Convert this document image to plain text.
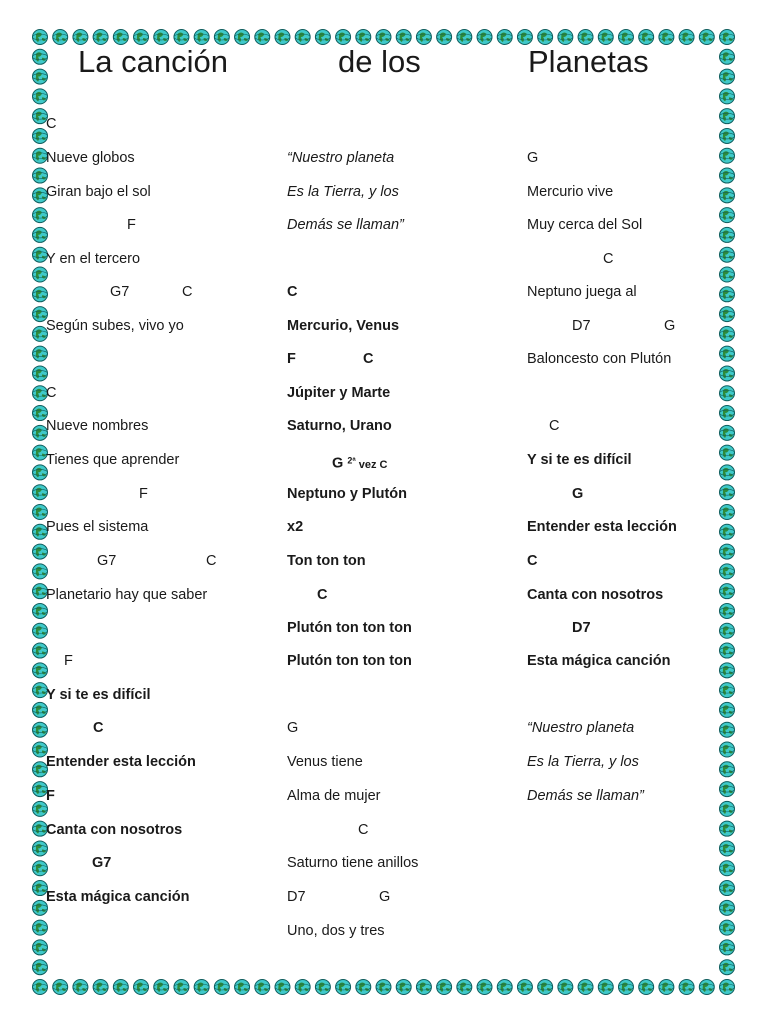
La canción	de los	Planetas
C
Nueve globos
Giran bajo el sol
F
Y en el tercero
G7	C
Según subes, vivo yo
C
Nueve nombres
Tienes que aprender
F
Pues el sistema
G7	C
Planetario hay que saber
F
Y si te es difícil
C
Entender esta lección
F
Canta con nosotros
G7
Esta mágica canción
G $^{2ª}$ vez C
“Nuestro planeta
Es la Tierra, y los
Demás se llaman”
C
Mercurio, Venus
F	C
Júpiter y Marte
Saturno, Urano
Neptuno y Plutón
x2
Ton ton ton
C
Plutón ton ton ton
Plutón ton ton ton
G
Venus tiene
Alma de mujer
C
Saturno tiene anillos
D7	G
Uno, dos y tres
G
Mercurio vive
Muy cerca del Sol
C
Neptuno juega al
D7	G
Baloncesto con Plutón
C
Y si te es difícil
G
Entender esta lección
C
Canta con nosotros
D7
Esta mágica canción
“Nuestro planeta
Es la Tierra, y los
Demás se llaman”
